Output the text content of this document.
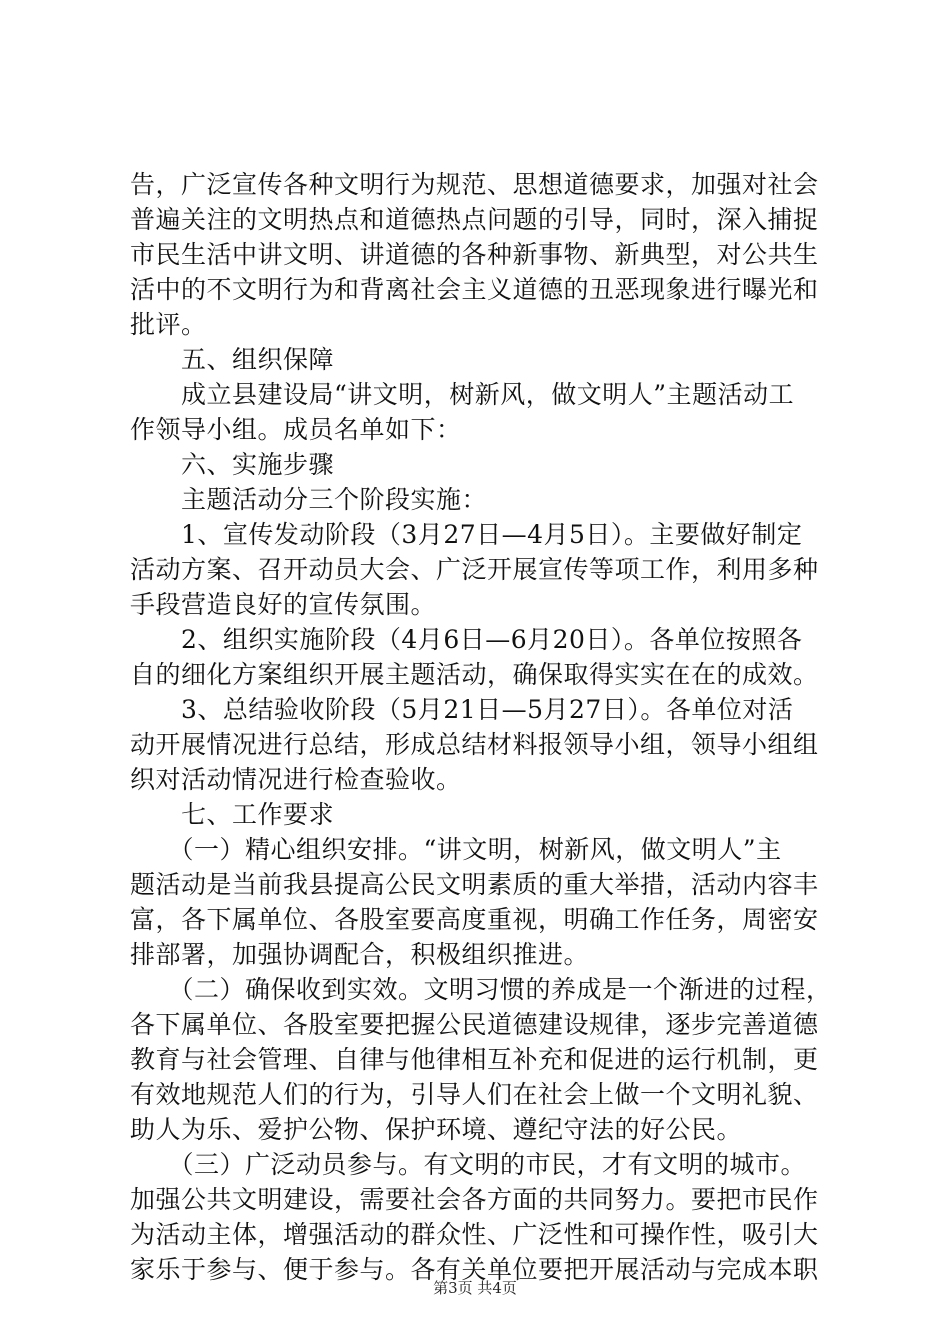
告，广泛宣传各种文明行为规范、思想道德要求，加强对社会
普遍关注的文明热点和道德热点问题的引导，同时，深入捕捉
市民生活中讲文明、讲道德的各种新事物、新典型，对公共生
活中的不文明行为和背离社会主义道德的丑恶现象进行曝光和
批评。
　　五、组织保障
　　成立县建设局“讲文明，树新风，做文明人”主题活动工
作领导小组。成员名单如下：
　　六、实施步骤
　　主题活动分三个阶段实施：
　　1、宣传发动阶段（3月27日—4月5日）。主要做好制定
活动方案、召开动员大会、广泛开展宣传等项工作，利用多种
手段营造良好的宣传氛围。
　　2、组织实施阶段（4月6日—6月20日）。各单位按照各
自的细化方案组织开展主题活动，确保取得实实在在的成效。
　　3、总结验收阶段（5月21日—5月27日）。各单位对活
动开展情况进行总结，形成总结材料报领导小组，领导小组组
织对活动情况进行检查验收。
　　七、工作要求
　　（一）精心组织安排。“讲文明，树新风，做文明人”主
题活动是当前我县提高公民文明素质的重大举措，活动内容丰
富，各下属单位、各股室要高度重视，明确工作任务，周密安
排部署，加强协调配合，积极组织推进。
　　（二）确保收到实效。文明习惯的养成是一个渐进的过程，
各下属单位、各股室要把握公民道德建设规律，逐步完善道德
教育与社会管理、自律与他律相互补充和促进的运行机制，更
有效地规范人们的行为，引导人们在社会上做一个文明礼貌、
助人为乐、爱护公物、保护环境、遵纪守法的好公民。
　　（三）广泛动员参与。有文明的市民，才有文明的城市。
加强公共文明建设，需要社会各方面的共同努力。要把市民作
为活动主体，增强活动的群众性、广泛性和可操作性，吸引大
家乐于参与、便于参与。各有关单位要把开展活动与完成本职
第3页 共4页
